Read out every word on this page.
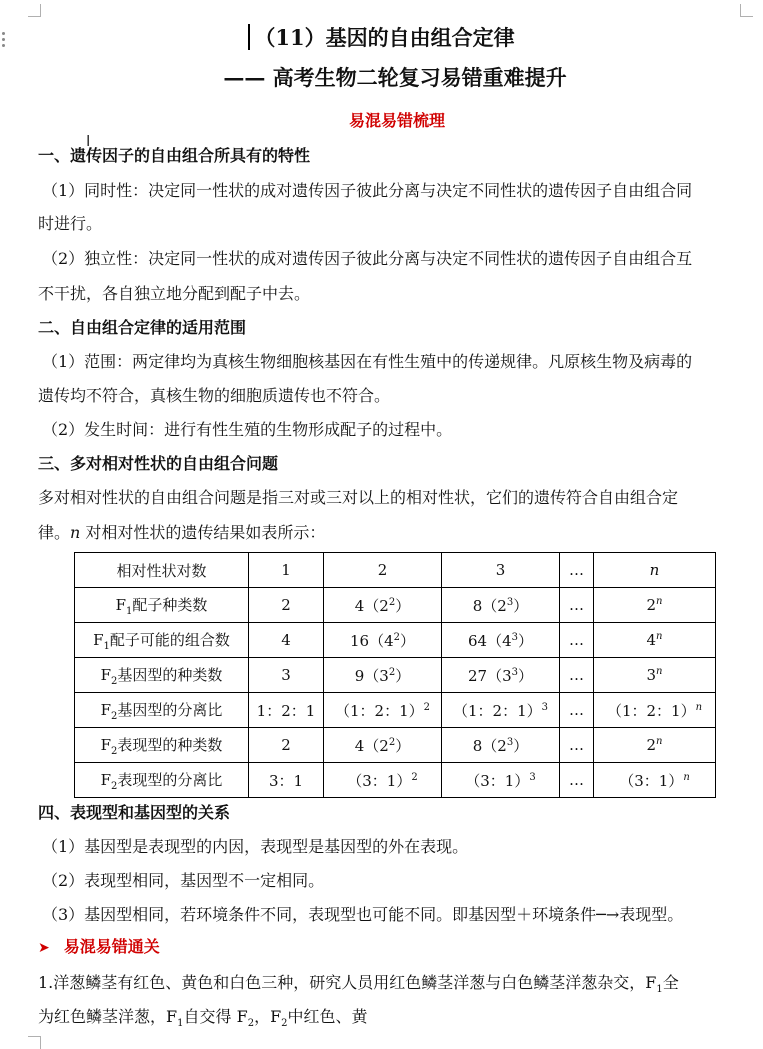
（11）基因的自由组合定律
—— 高考生物二轮复习易错重难提升
易混易错梳理
Ι
一、遗传因子的自由组合所具有的特性
（1）同时性：决定同一性状的成对遗传因子彼此分离与决定不同性状的遗传因子自由组合同
时进行。
（2）独立性：决定同一性状的成对遗传因子彼此分离与决定不同性状的遗传因子自由组合互
不干扰，各自独立地分配到配子中去。
二、自由组合定律的适用范围
（1）范围：两定律均为真核生物细胞核基因在有性生殖中的传递规律。凡原核生物及病毒的
遗传均不符合，真核生物的细胞质遗传也不符合。
（2）发生时间：进行有性生殖的生物形成配子的过程中。
三、多对相对性状的自由组合问题
多对相对性状的自由组合问题是指三对或三对以上的相对性状，它们的遗传符合自由组合定
律。n 对相对性状的遗传结果如表所示：
相对性状对数	1	2	3	…	n
$F_1$配子种类数	2	$4(2^2)$	$8(2^3)$	…	2$^n$
$F_1$配子可能的组合数	4	$16(4^2)$	$64(4^3)$	…	4$^n$
$F_2$基因型的种类数	3	$9(3^2)$	$27(3^3)$	…	3$^n$
$F_2$基因型的分离比	1：2：1	（1：2：1）$^2$	（1：2：1）$^3$	…	（1：2：1）$^n$
$F_2$表现型的种类数	2	$4(2^2)$	$8(2^3)$	…	2$^n$
$F_2$表现型的分离比	3：1	（3：1）$^2$	（3：1）$^3$	…	（3：1）$^n$
四、表现型和基因型的关系
（1）基因型是表现型的内因，表现型是基因型的外在表现。
（2）表现型相同，基因型不一定相同。
（3）基因型相同，若环境条件不同，表现型也可能不同。即基因型＋环境条件─→表现型。
➤ 易混易错通关
1.洋葱鳞茎有红色、黄色和白色三种，研究人员用红色鳞茎洋葱与白色鳞茎洋葱杂交，$F_1$全
为红色鳞茎洋葱，$F_1$自交得 $F_2$，$F_2$中红色、黄
